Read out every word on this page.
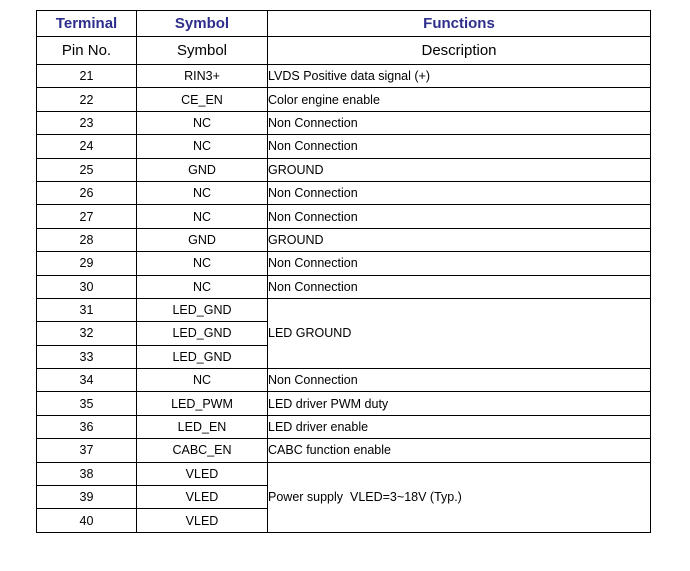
Terminal	Symbol	Functions
Pin No.	Symbol	Description
21	RIN3+	LVDS Positive data signal (+)
22	CE_EN	Color engine enable
23	NC	Non Connection
24	NC	Non Connection
25	GND	GROUND
26	NC	Non Connection
27	NC	Non Connection
28	GND	GROUND
29	NC	Non Connection
30	NC	Non Connection
31	LED_GND	LED GROUND
32	LED_GND	
33	LED_GND	
34	NC	Non Connection
35	LED_PWM	LED driver PWM duty
36	LED_EN	LED driver enable
37	CABC_EN	CABC function enable
38	VLED	Power supply  VLED=3~18V (Typ.)
39	VLED	
40	VLED	
